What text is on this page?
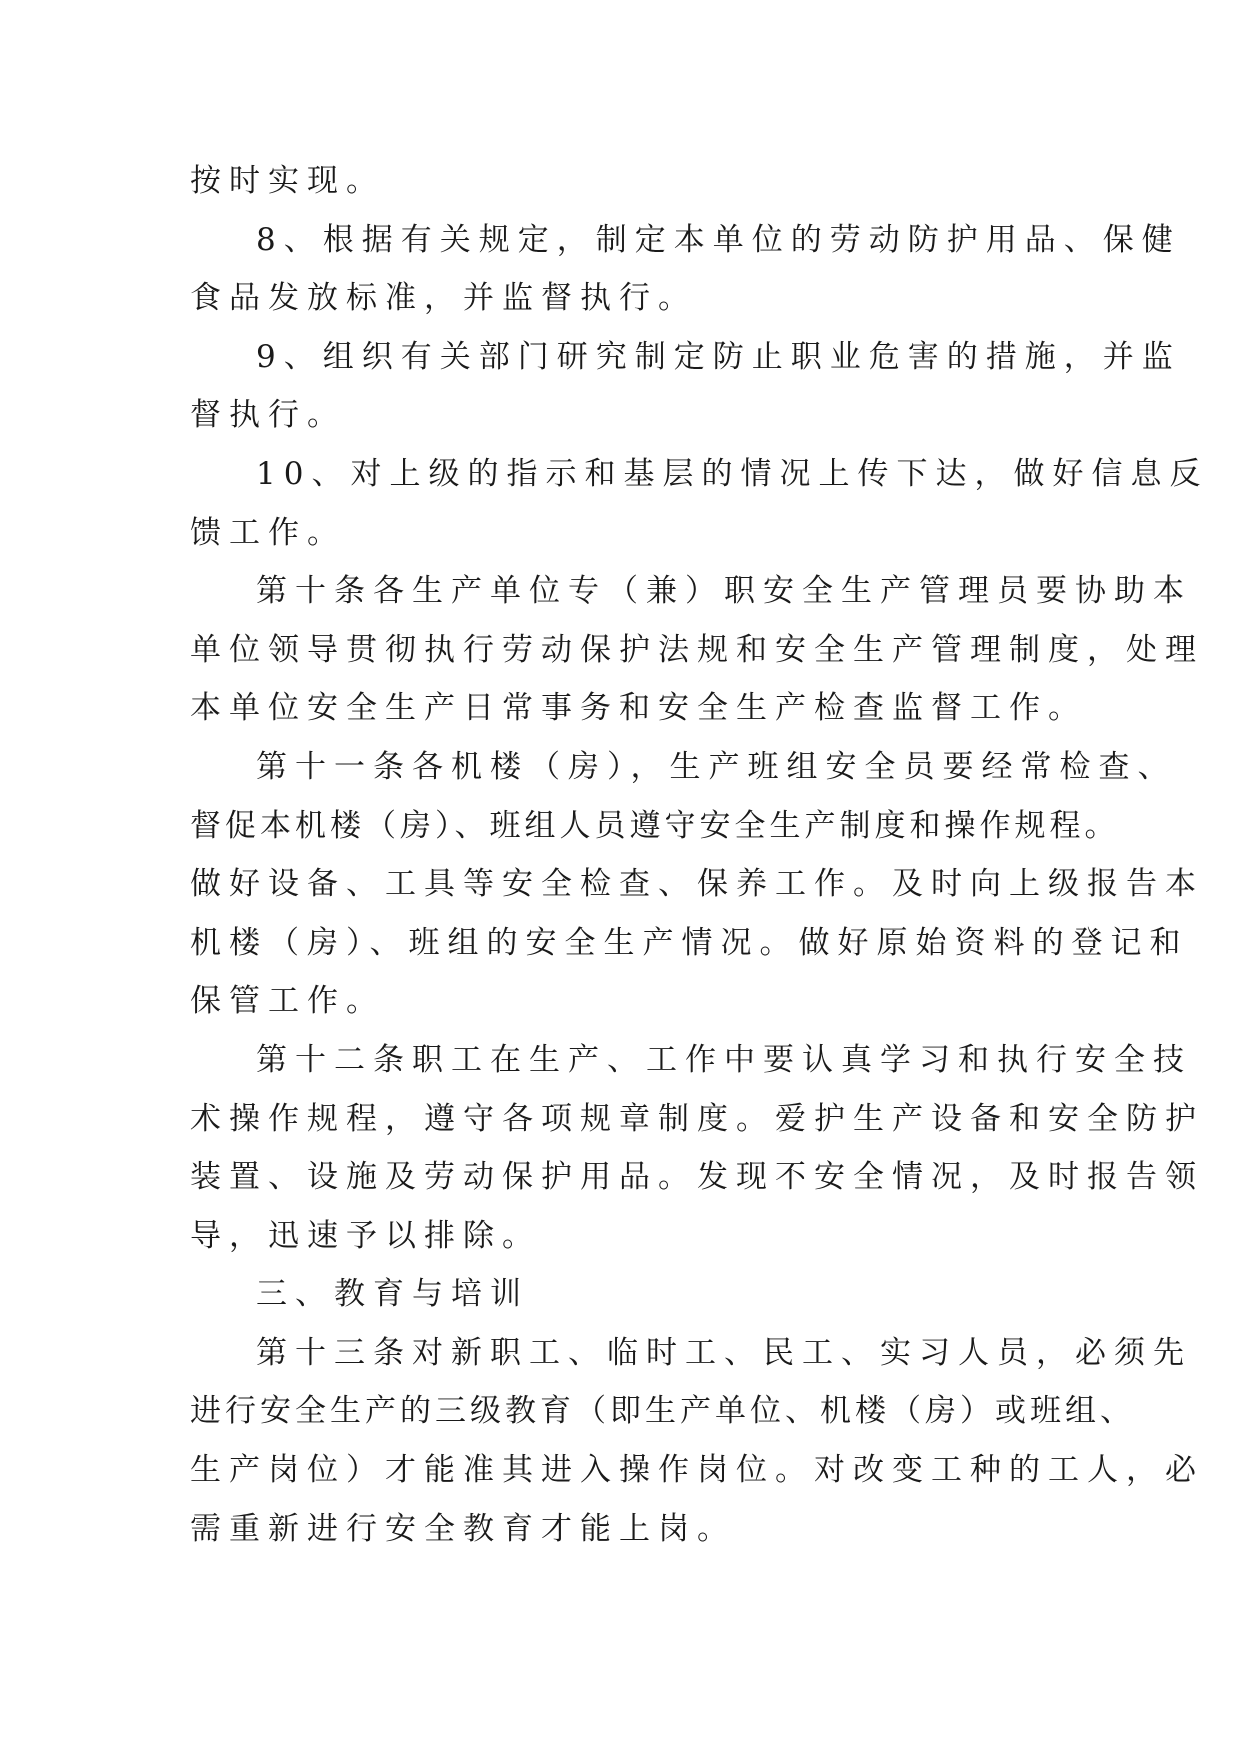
按时实现。
8、根据有关规定，制定本单位的劳动防护用品、保健
食品发放标准，并监督执行。
9、组织有关部门研究制定防止职业危害的措施，并监
督执行。
10、对上级的指示和基层的情况上传下达，做好信息反
馈工作。
第十条各生产单位专（兼）职安全生产管理员要协助本
单位领导贯彻执行劳动保护法规和安全生产管理制度，处理
本单位安全生产日常事务和安全生产检查监督工作。
第十一条各机楼（房），生产班组安全员要经常检查、
督促本机楼（房）、班组人员遵守安全生产制度和操作规程。
做好设备、工具等安全检查、保养工作。及时向上级报告本
机楼（房）、班组的安全生产情况。做好原始资料的登记和
保管工作。
第十二条职工在生产、工作中要认真学习和执行安全技
术操作规程，遵守各项规章制度。爱护生产设备和安全防护
装置、设施及劳动保护用品。发现不安全情况，及时报告领
导，迅速予以排除。
三、教育与培训
第十三条对新职工、临时工、民工、实习人员，必须先
进行安全生产的三级教育（即生产单位、机楼（房）或班组、
生产岗位）才能准其进入操作岗位。对改变工种的工人，必
需重新进行安全教育才能上岗。
